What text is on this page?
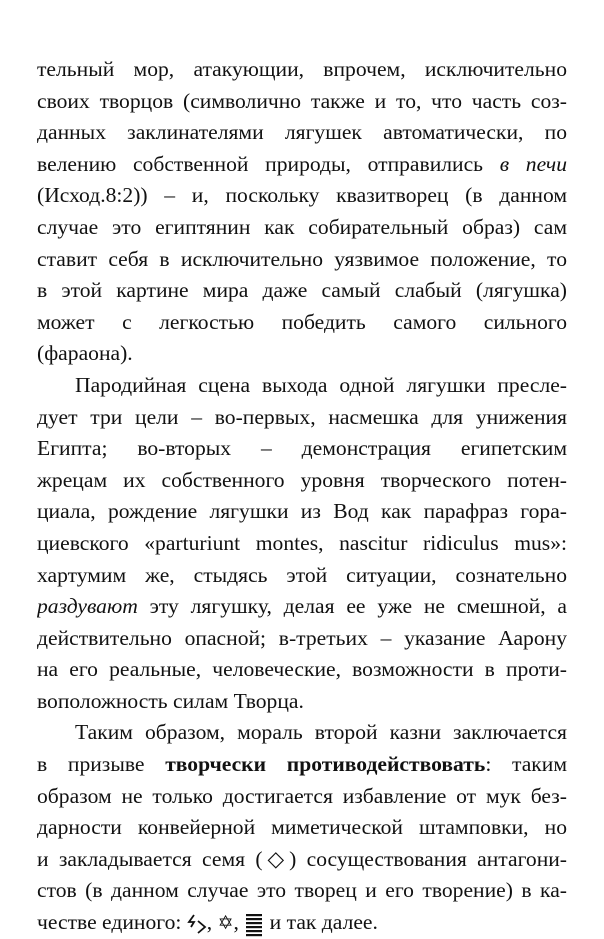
тельный мор, атакующии, впрочем, исключительно
своих творцов (символично также и то, что часть соз-
данных заклинателями лягушек автоматически, по
велению собственной природы, отправились в печи
(Исход.8:2)) – и, поскольку квазитворец (в данном
случае это египтянин как собирательный образ) сам
ставит себя в исключительно уязвимое положение, то
в этой картине мира даже самый слабый (лягушка)
может с легкостью победить самого сильного
(фараона).
Пародийная сцена выхода одной лягушки пресле-
дует три цели – во-первых, насмешка для унижения
Египта; во-вторых – демонстрация египетским
жрецам их собственного уровня творческого потен-
циала, рождение лягушки из Вод как парафраз гора-
циевского «parturiunt montes, nascitur ridiculus mus»:
хартумим же, стыдясь этой ситуации, сознательно
раздувают эту лягушку, делая ее уже не смешной, а
действительно опасной; в-третьих – указание Аарону
на его реальные, человеческие, возможности в проти-
воположность силам Творца.
Таким образом, мораль второй казни заключается
в призыве творчески противодействовать: таким
образом не только достигается избавление от мук без-
дарности конвейерной миметической штамповки, но
и закладывается семя (◇) сосуществования антагони-
стов (в данном случае это творец и его творение) в ка-
честве единого:
, ✡,
и так далее.
